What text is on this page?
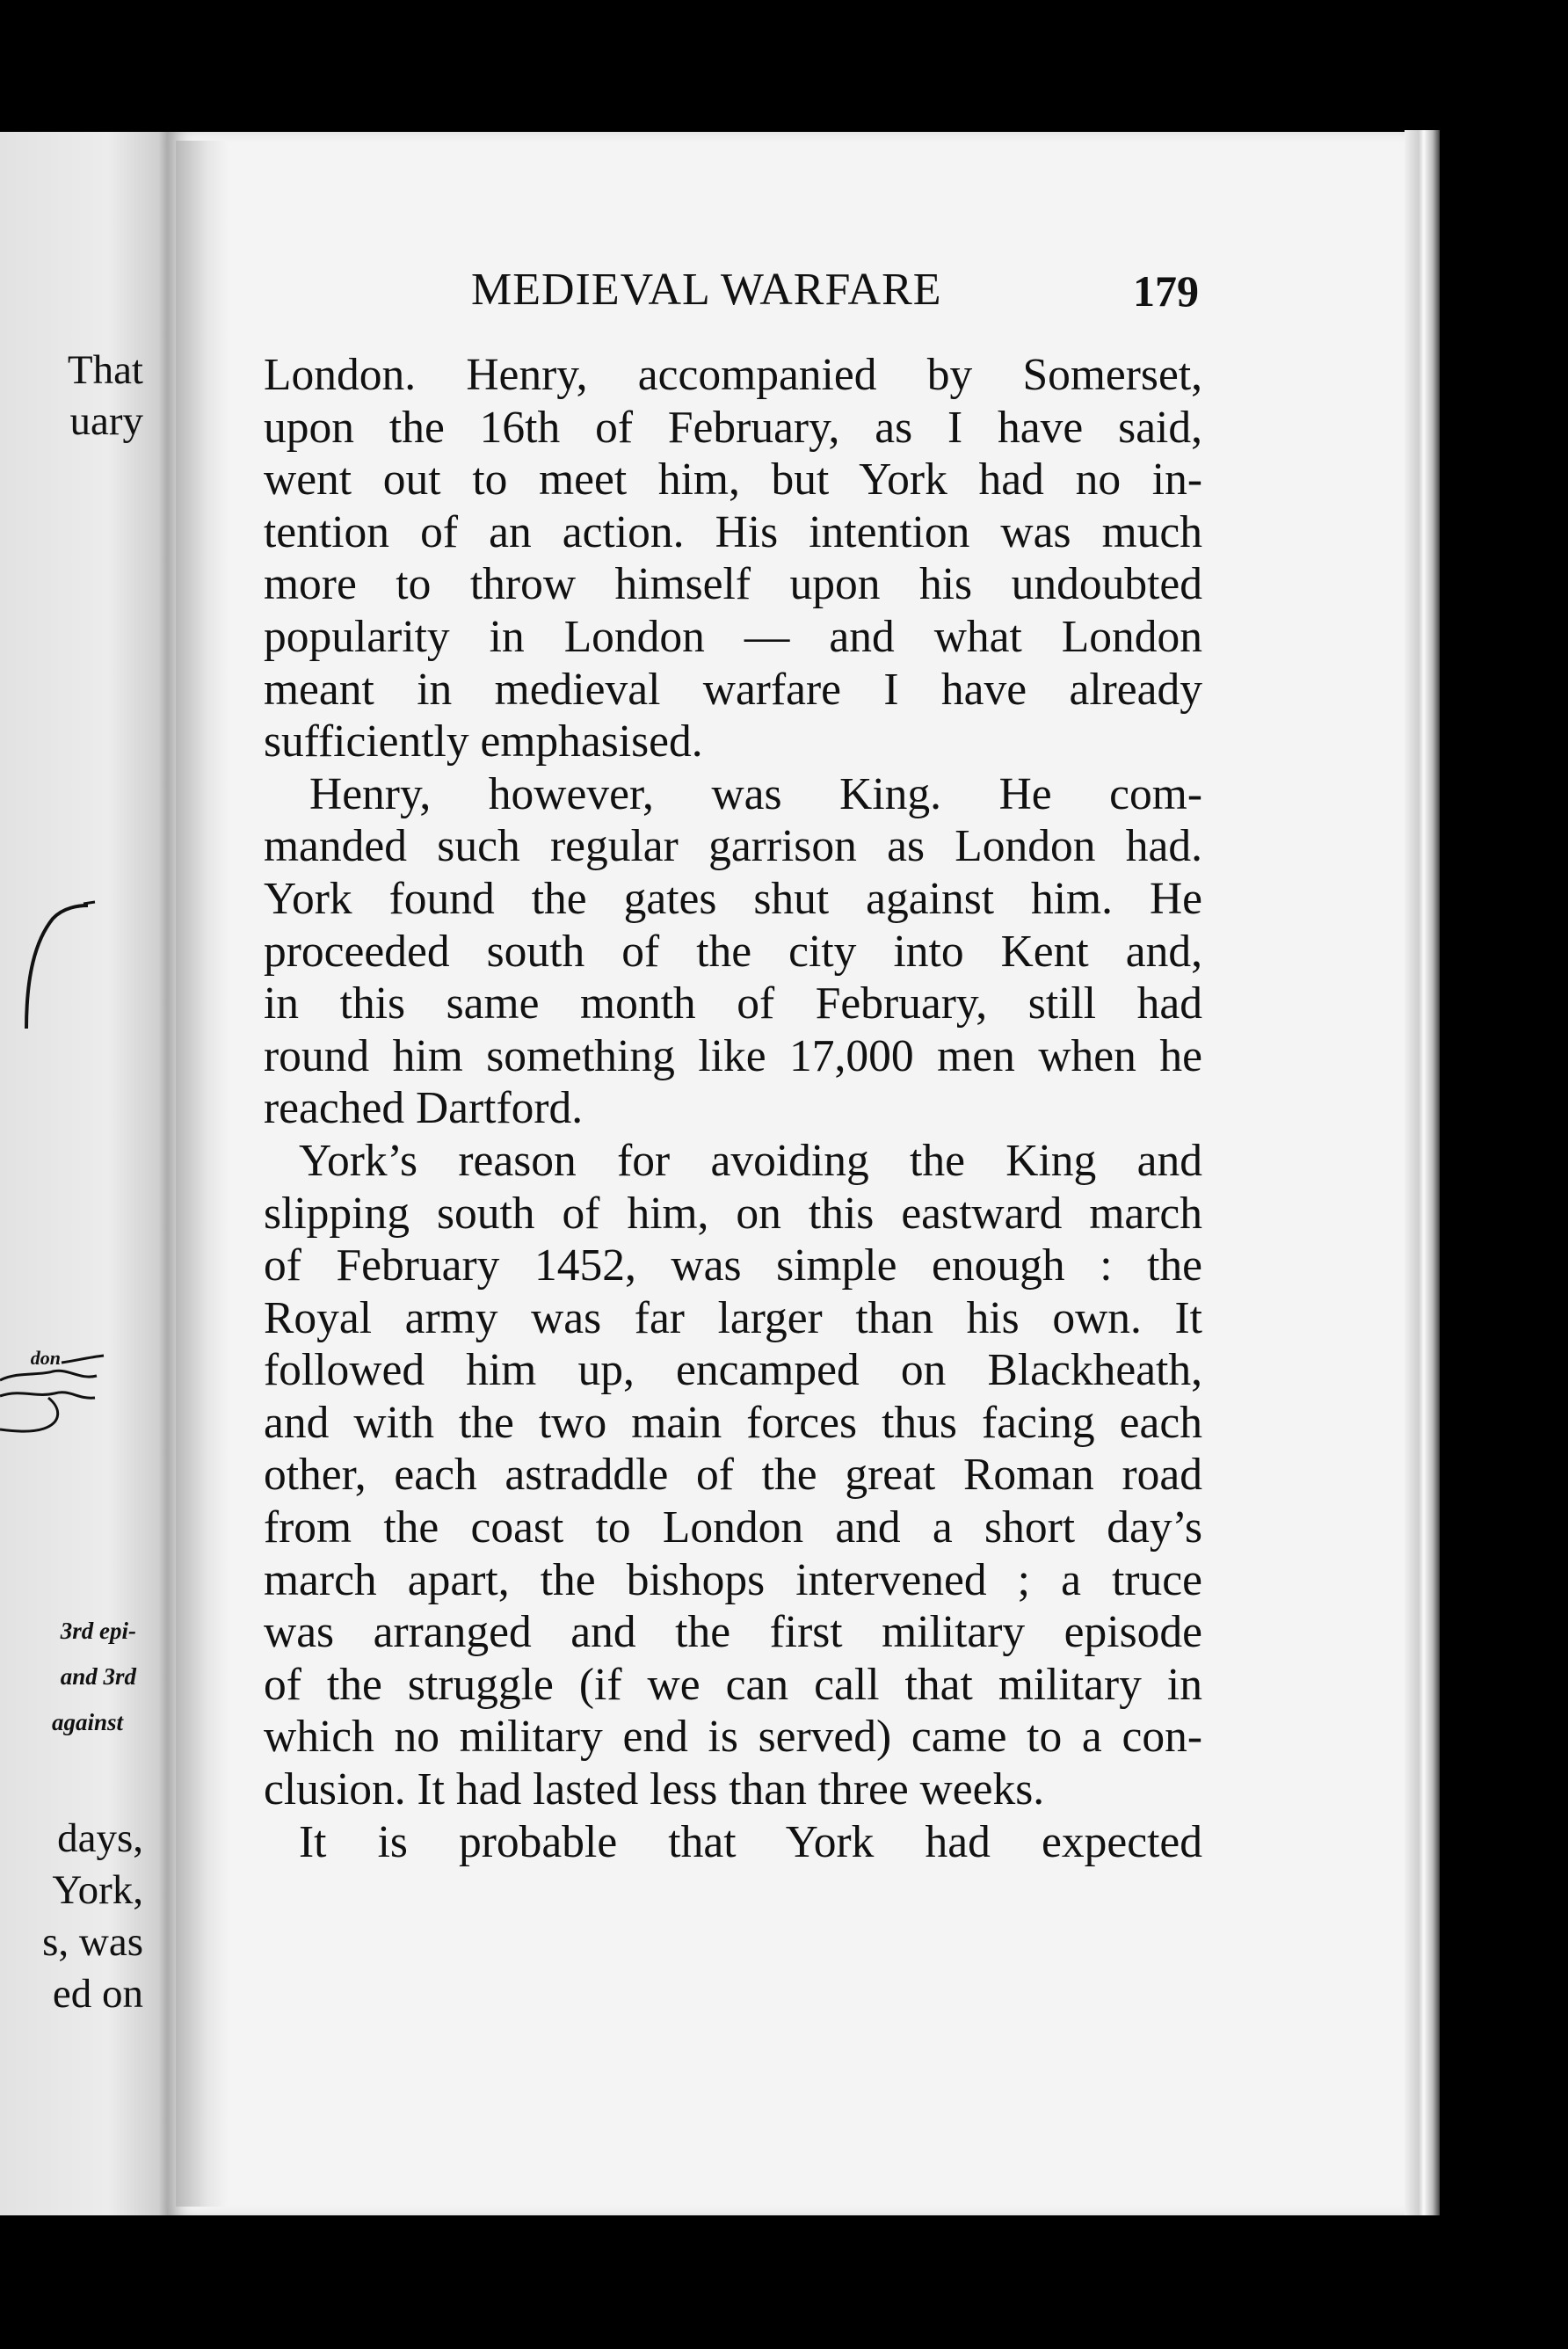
That
uary
don
3rd epi-
and 3rd
against
days,
York,
s, was
ed on
MEDIEVAL WARFARE	179
London. Henry, accompanied by Somerset,
upon the 16th of February, as I have said,
went out to meet him, but York had no in-
tention of an action. His intention was much
more to throw himself upon his undoubted
popularity in London — and what London
meant in medieval warfare I have already
sufficiently emphasised.
Henry, however, was King. He com-
manded such regular garrison as London had.
York found the gates shut against him. He
proceeded south of the city into Kent and,
in this same month of February, still had
round him something like 17,000 men when he
reached Dartford.
York’s reason for avoiding the King and
slipping south of him, on this eastward march
of February 1452, was simple enough : the
Royal army was far larger than his own. It
followed him up, encamped on Blackheath,
and with the two main forces thus facing each
other, each astraddle of the great Roman road
from the coast to London and a short day’s
march apart, the bishops intervened ; a truce
was arranged and the first military episode
of the struggle (if we can call that military in
which no military end is served) came to a con-
clusion. It had lasted less than three weeks.
It is probable that York had expected
